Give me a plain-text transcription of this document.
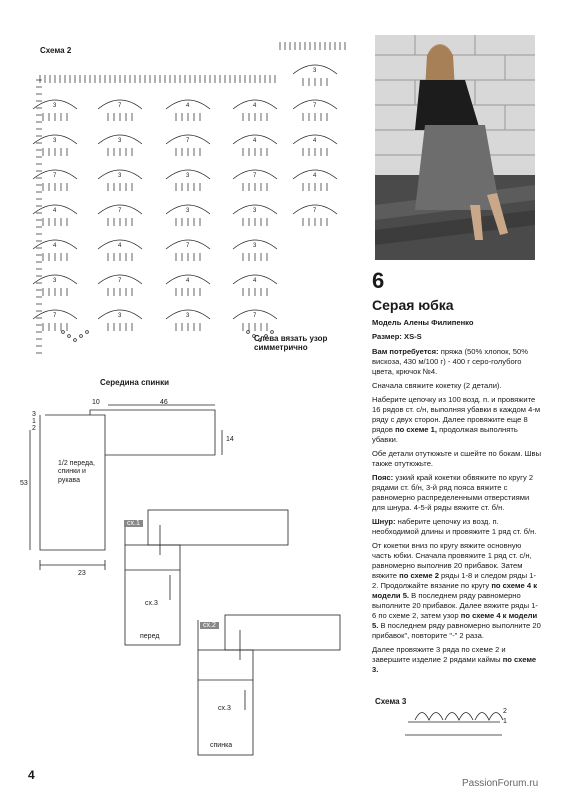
3
3	7	4	4	7
3	3	7	4	4
7	3	3	7	4
4	7	3	3	7
4	4	7	3
3	7	4	4
7	3	3	7
Схема 2
Слева вязать узор симметрично
Середина спинки
10	46
14
53
23
1
2
3
1/2 переда, спинки и рукава
сх.1
сх.2
сх.3
сх.3
перед
спинка

6

Серая юбка

Модель Алены Филипенко

Размер: XS-S

Вам потребуется: пряжа (50% хлопок, 50% вискоза, 430 м/100 г) - 400 г серо-голубого цвета, крючок №4.

Сначала свяжите кокетку (2 детали).

Наберите цепочку из 100 возд. п. и провяжите 16 рядов ст. с/н, выполняя убавки в каждом 4-м ряду с двух сторон. Далее провяжите еще 8 рядов по схеме 1, продолжая выполнять убавки.

Обе детали отутюжьте и сшейте по бокам. Швы также отутюжьте.

Пояс: узкий край кокетки обвяжите по кругу 2 рядами ст. б/н, 3-й ряд пояса вяжите с равномерно распределенными отверстиями для шнура. 4-5-й ряды вяжите ст. б/н.

Шнур: наберите цепочку из возд. п. необходимой длины и провяжите 1 ряд ст. б/н.

От кокетки вниз по кругу вяжите основную часть юбки. Сначала провяжите 1 ряд ст. с/н, равномерно выполнив 20 прибавок. Затем вяжите по схеме 2 ряды 1-8 и следом ряды 1-2. Продолжайте вязание по кругу по схеме 4 к модели 5. В последнем ряду равномерно выполните 20 прибавок. Далее вяжите ряды 1-6 по схеме 2, затем узор по схеме 4 к модели 5. В последнем ряду равномерно выполните 20 прибавок", повторите "-" 2 раза.

Далее провяжите 3 ряда по схеме 2 и завершите изделие 2 рядами каймы по схеме 3.

Схема 3
2
1
4
PassionForum.ru
